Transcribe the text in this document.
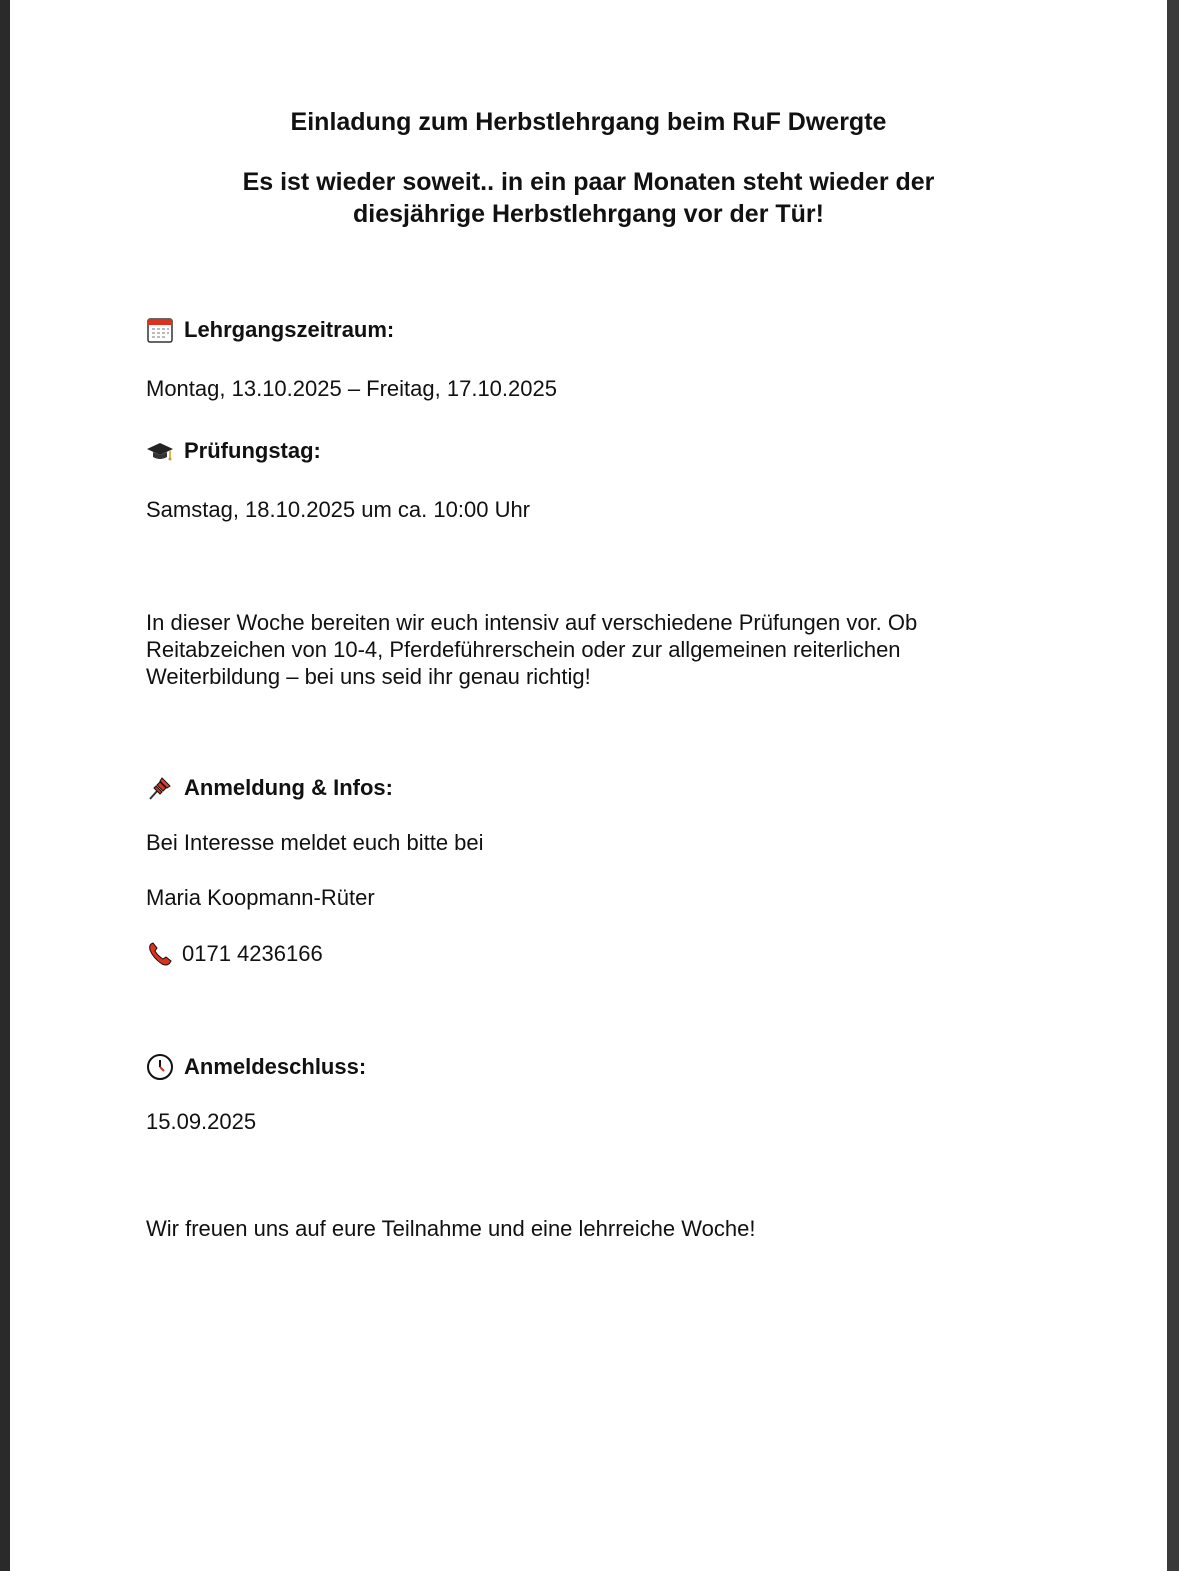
Einladung zum Herbstlehrgang beim RuF Dwergte
Es ist wieder soweit.. in ein paar Monaten steht wieder der
diesjährige Herbstlehrgang vor der Tür!
Lehrgangszeitraum:

Montag, 13.10.2025 – Freitag, 17.10.2025

Prüfungstag:

Samstag, 18.10.2025 um ca. 10:00 Uhr

In dieser Woche bereiten wir euch intensiv auf verschiedene Prüfungen vor. Ob
Reitabzeichen von 10-4, Pferdeführerschein oder zur allgemeinen reiterlichen
Weiterbildung – bei uns seid ihr genau richtig!
Anmeldung & Infos:

Bei Interesse meldet euch bitte bei

Maria Koopmann-Rüter

0171 4236166
Anmeldeschluss:

15.09.2025

Wir freuen uns auf eure Teilnahme und eine lehrreiche Woche!
